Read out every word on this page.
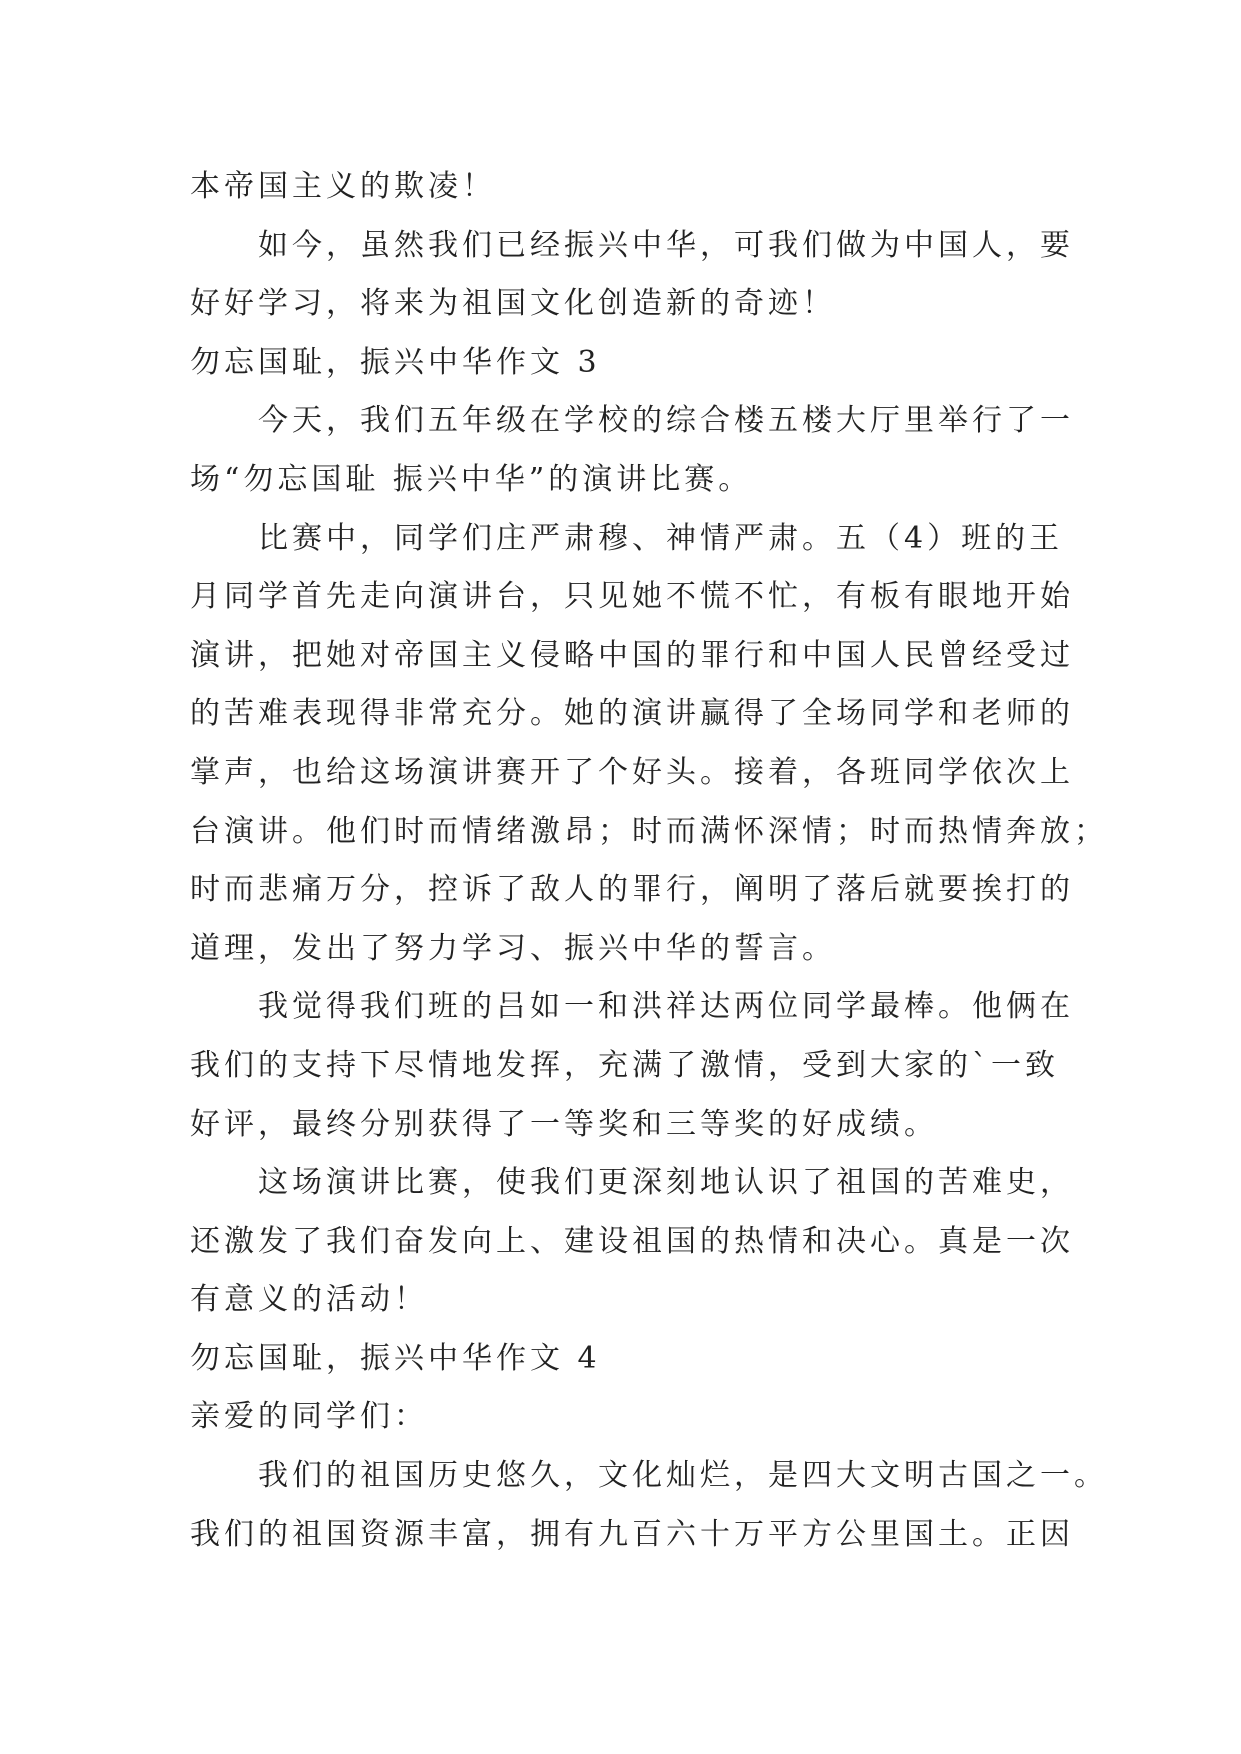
本帝国主义的欺凌！
如今，虽然我们已经振兴中华，可我们做为中国人，要
好好学习，将来为祖国文化创造新的奇迹！
勿忘国耻，振兴中华作文 3
今天，我们五年级在学校的综合楼五楼大厅里举行了一
场“勿忘国耻 振兴中华”的演讲比赛。
比赛中，同学们庄严肃穆、神情严肃。五（4）班的王
月同学首先走向演讲台，只见她不慌不忙，有板有眼地开始
演讲，把她对帝国主义侵略中国的罪行和中国人民曾经受过
的苦难表现得非常充分。她的演讲赢得了全场同学和老师的
掌声，也给这场演讲赛开了个好头。接着，各班同学依次上
台演讲。他们时而情绪激昂；时而满怀深情；时而热情奔放；
时而悲痛万分，控诉了敌人的罪行，阐明了落后就要挨打的
道理，发出了努力学习、振兴中华的誓言。
我觉得我们班的吕如一和洪祥达两位同学最棒。他俩在
我们的支持下尽情地发挥，充满了激情，受到大家的`一致
好评，最终分别获得了一等奖和三等奖的好成绩。
这场演讲比赛，使我们更深刻地认识了祖国的苦难史，
还激发了我们奋发向上、建设祖国的热情和决心。真是一次
有意义的活动！
勿忘国耻，振兴中华作文 4
亲爱的同学们：
我们的祖国历史悠久，文化灿烂，是四大文明古国之一。
我们的祖国资源丰富，拥有九百六十万平方公里国土。正因
